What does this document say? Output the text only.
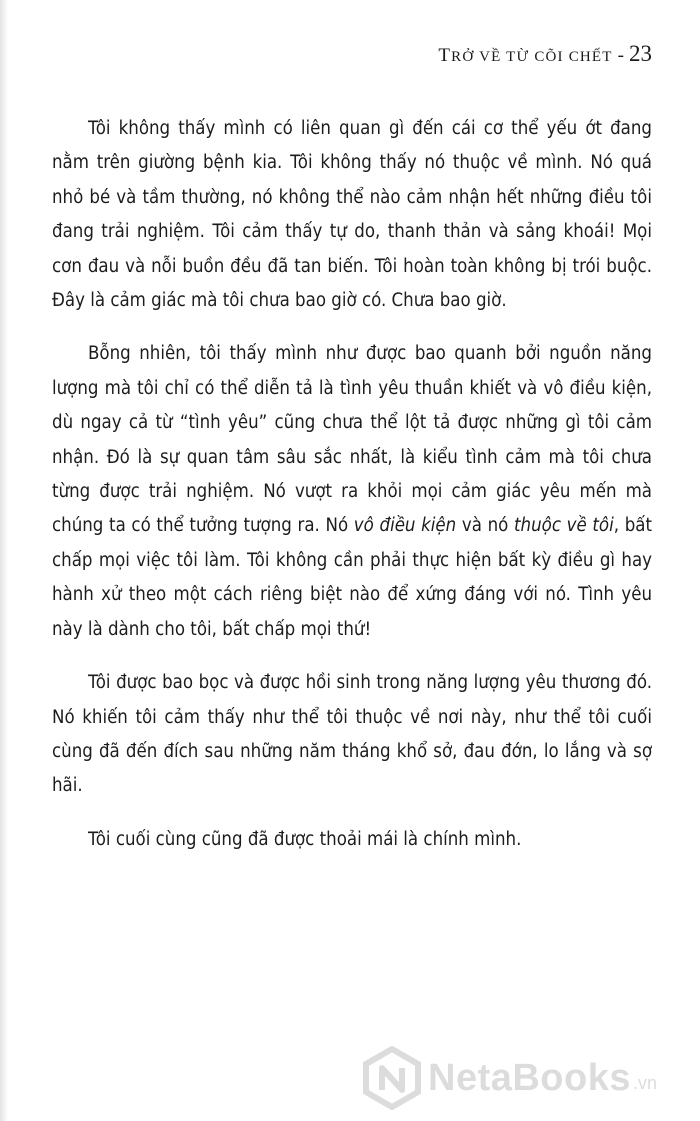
TRỞ VỀ TỪ CÕI CHẾT - 23

Tôi không thấy mình có liên quan gì đến cái cơ thể yếu ớt đang nằm trên giường bệnh kia. Tôi không thấy nó thuộc về mình. Nó quá nhỏ bé và tầm thường, nó không thể nào cảm nhận hết những điều tôi đang trải nghiệm. Tôi cảm thấy tự do, thanh thản và sảng khoái! Mọi cơn đau và nỗi buồn đều đã tan biến. Tôi hoàn toàn không bị trói buộc. Đây là cảm giác mà tôi chưa bao giờ có. Chưa bao giờ.

Bỗng nhiên, tôi thấy mình như được bao quanh bởi nguồn năng lượng mà tôi chỉ có thể diễn tả là tình yêu thuần khiết và vô điều kiện, dù ngay cả từ “tình yêu” cũng chưa thể lột tả được những gì tôi cảm nhận. Đó là sự quan tâm sâu sắc nhất, là kiểu tình cảm mà tôi chưa từng được trải nghiệm. Nó vượt ra khỏi mọi cảm giác yêu mến mà chúng ta có thể tưởng tượng ra. Nó vô điều kiện và nó thuộc về tôi, bất chấp mọi việc tôi làm. Tôi không cần phải thực hiện bất kỳ điều gì hay hành xử theo một cách riêng biệt nào để xứng đáng với nó. Tình yêu này là dành cho tôi, bất chấp mọi thứ!

Tôi được bao bọc và được hồi sinh trong năng lượng yêu thương đó. Nó khiến tôi cảm thấy như thể tôi thuộc về nơi này, như thể tôi cuối cùng đã đến đích sau những năm tháng khổ sở, đau đớn, lo lắng và sợ hãi.

Tôi cuối cùng cũng đã được thoải mái là chính mình.

NetaBooks .vn
